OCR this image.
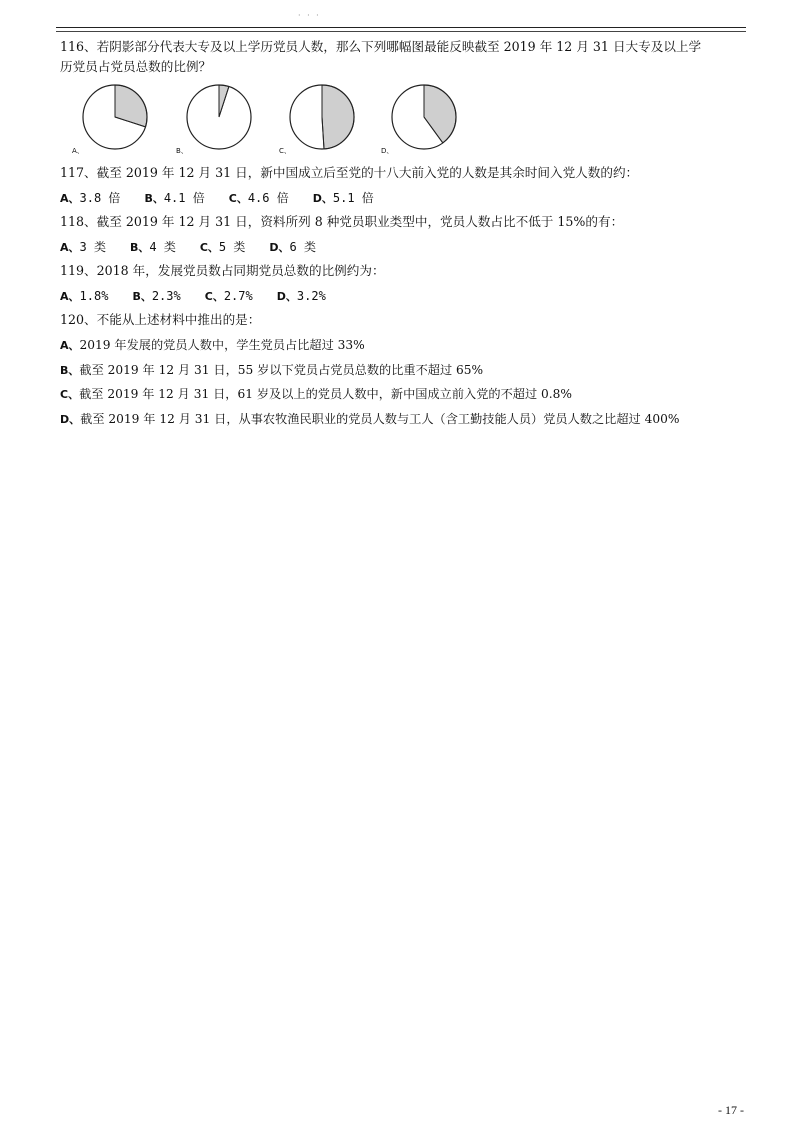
· · ·
116、若阴影部分代表大专及以上学历党员人数，那么下列哪幅图最能反映截至 2019 年 12 月 31 日大专及以上学
历党员占党员总数的比例？
A、	B、	C、	D、
117、截至 2019 年 12 月 31 日，新中国成立后至党的十八大前入党的人数是其余时间入党人数的约：
A、3.8 倍 B、4.1 倍 C、4.6 倍 D、5.1 倍
118、截至 2019 年 12 月 31 日，资料所列 8 种党员职业类型中，党员人数占比不低于 15%的有：
A、3 类 B、4 类 C、5 类 D、6 类
119、2018 年，发展党员数占同期党员总数的比例约为：
A、1.8% B、2.3% C、2.7% D、3.2%
120、不能从上述材料中推出的是：
A、2019 年发展的党员人数中，学生党员占比超过 33%
B、截至 2019 年 12 月 31 日，55 岁以下党员占党员总数的比重不超过 65%
C、截至 2019 年 12 月 31 日，61 岁及以上的党员人数中，新中国成立前入党的不超过 0.8%
D、截至 2019 年 12 月 31 日，从事农牧渔民职业的党员人数与工人（含工勤技能人员）党员人数之比超过 400%
- 17 -
